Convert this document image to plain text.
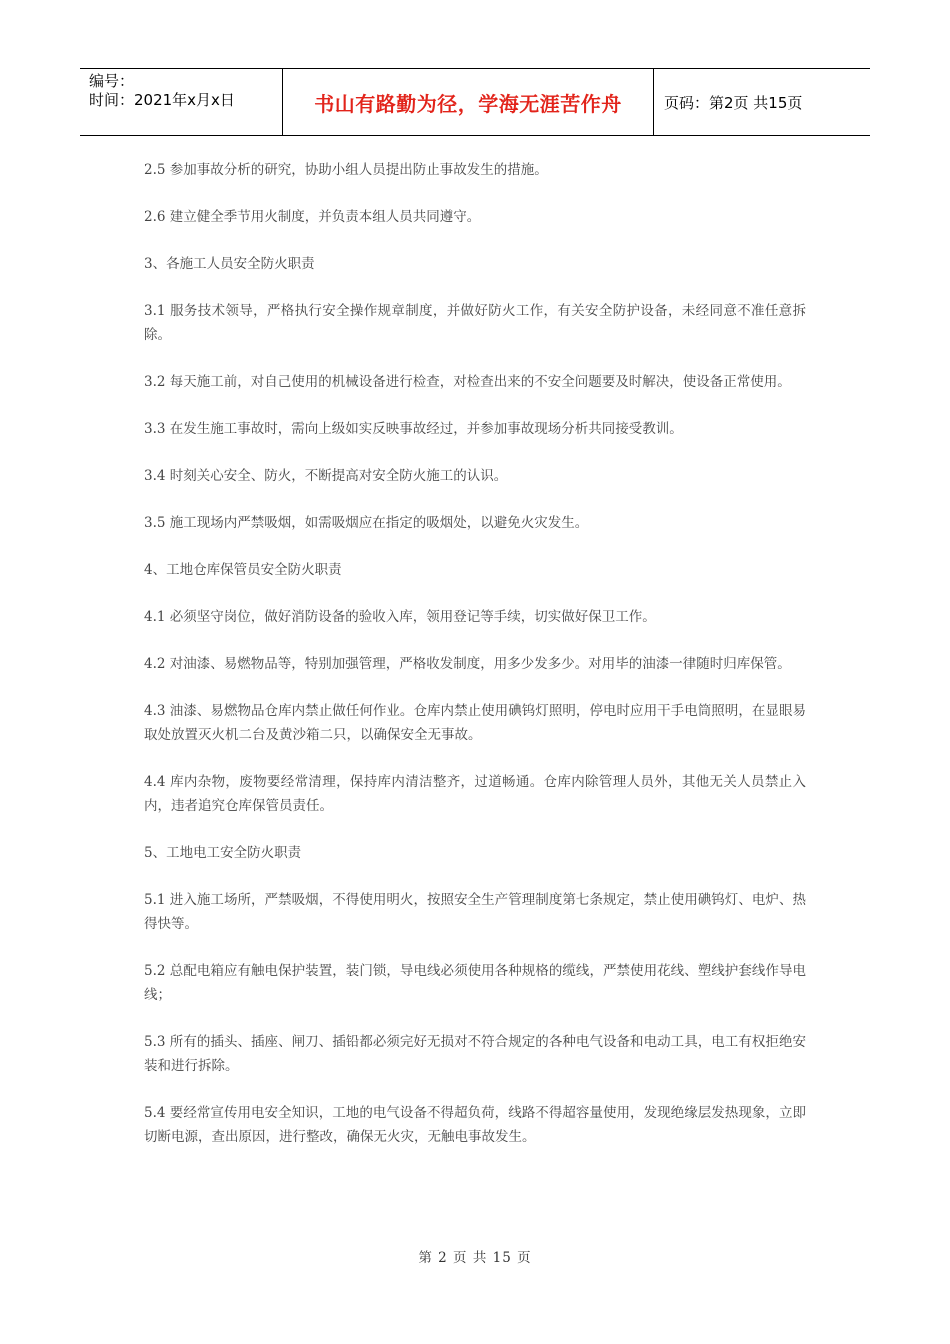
编号：
时间：2021年x月x日	书山有路勤为径，学海无涯苦作舟	页码：第2页 共15页

2.5 参加事故分析的研究，协助小组人员提出防止事故发生的措施。

2.6 建立健全季节用火制度，并负责本组人员共同遵守。

3、各施工人员安全防火职责

3.1 服务技术领导，严格执行安全操作规章制度，并做好防火工作，有关安全防护设备，未经同意不准任意拆除。

3.2 每天施工前，对自己使用的机械设备进行检查，对检查出来的不安全问题要及时解决，使设备正常使用。

3.3 在发生施工事故时，需向上级如实反映事故经过，并参加事故现场分析共同接受教训。

3.4 时刻关心安全、防火，不断提高对安全防火施工的认识。

3.5 施工现场内严禁吸烟，如需吸烟应在指定的吸烟处，以避免火灾发生。

4、工地仓库保管员安全防火职责

4.1 必须坚守岗位，做好消防设备的验收入库，领用登记等手续，切实做好保卫工作。

4.2 对油漆、易燃物品等，特别加强管理，严格收发制度，用多少发多少。对用毕的油漆一律随时归库保管。

4.3 油漆、易燃物品仓库内禁止做任何作业。仓库内禁止使用碘钨灯照明，停电时应用干手电筒照明，在显眼易取处放置灭火机二台及黄沙箱二只，以确保安全无事故。

4.4 库内杂物，废物要经常清理，保持库内清洁整齐，过道畅通。仓库内除管理人员外，其他无关人员禁止入内，违者追究仓库保管员责任。

5、工地电工安全防火职责

5.1 进入施工场所，严禁吸烟，不得使用明火，按照安全生产管理制度第七条规定，禁止使用碘钨灯、电炉、热得快等。

5.2 总配电箱应有触电保护装置，装门锁，导电线必须使用各种规格的缆线，严禁使用花线、塑线护套线作导电线；

5.3 所有的插头、插座、闸刀、插铅都必须完好无损对不符合规定的各种电气设备和电动工具，电工有权拒绝安装和进行拆除。

5.4 要经常宣传用电安全知识，工地的电气设备不得超负荷，线路不得超容量使用，发现绝缘层发热现象，立即切断电源，查出原因，进行整改，确保无火灾，无触电事故发生。

第 2 页 共 15 页
